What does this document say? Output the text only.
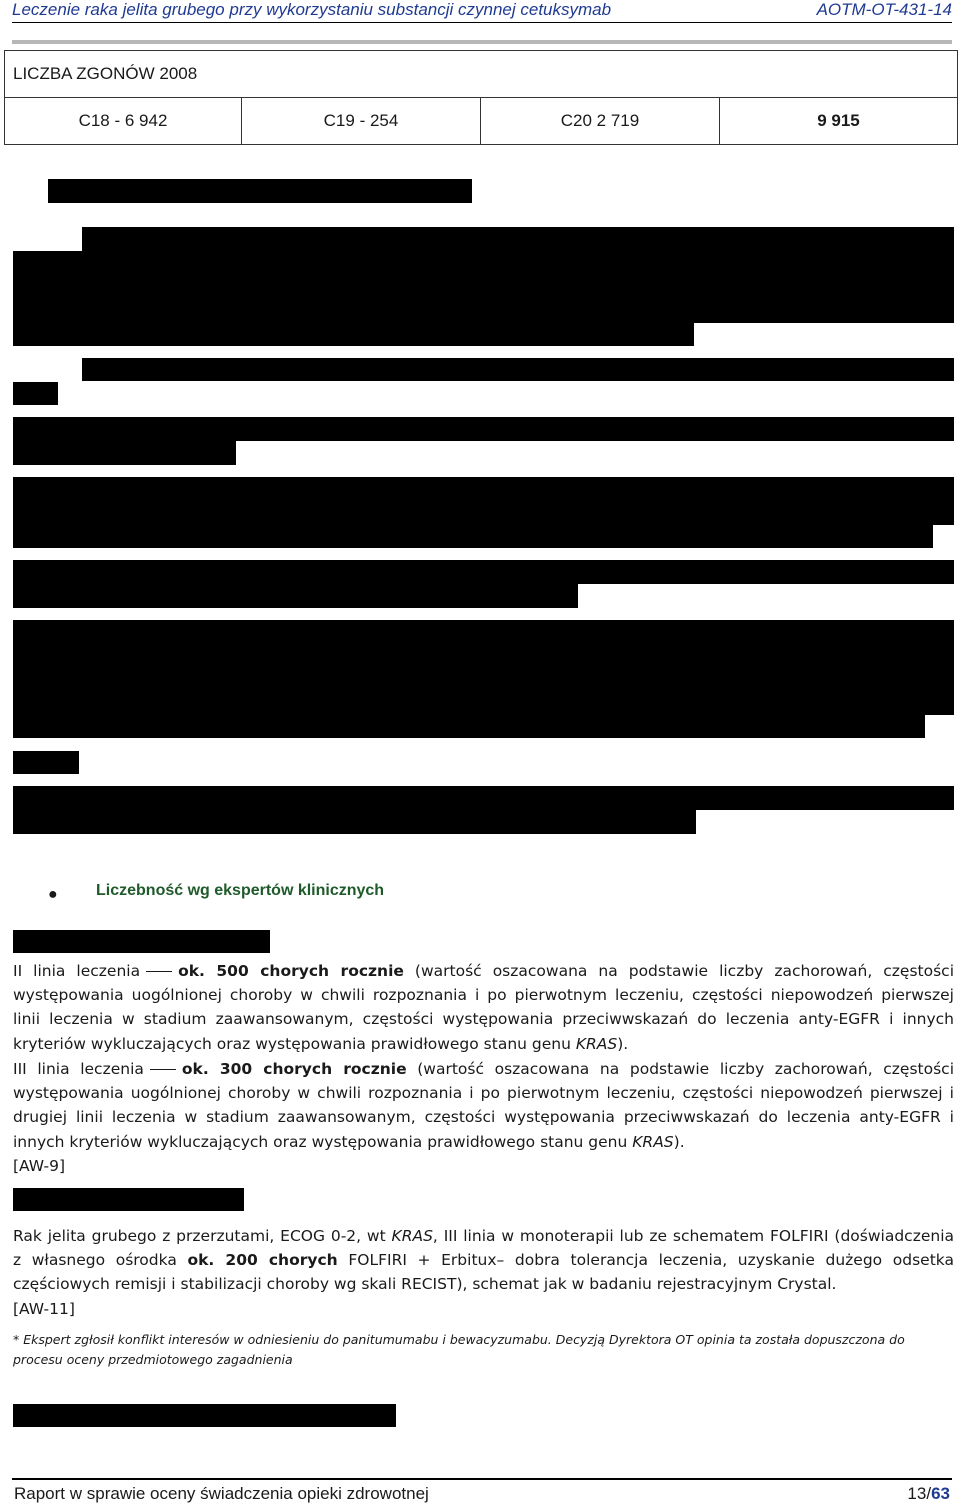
Leczenie raka jelita grubego przy wykorzystaniu substancji czynnej cetuksymab	AOTM-OT-431-14
LICZBA ZGONÓW 2008
C18 - 6 942	C19 - 254	C20 2 719	9 915
● Liczebność wg ekspertów klinicznych
II linia leczenia ok. 500 chorych rocznie (wartość oszacowana na podstawie liczby zachorowań, częstości
występowania uogólnionej choroby w chwili rozpoznania i po pierwotnym leczeniu, częstości niepowodzeń pierwszej
linii leczenia w stadium zaawansowanym, częstości występowania przeciwwskazań do leczenia anty-EGFR i innych
kryteriów wykluczających oraz występowania prawidłowego stanu genu KRAS).
III linia leczenia ok. 300 chorych rocznie (wartość oszacowana na podstawie liczby zachorowań, częstości
występowania uogólnionej choroby w chwili rozpoznania i po pierwotnym leczeniu, częstości niepowodzeń pierwszej i
drugiej linii leczenia w stadium zaawansowanym, częstości występowania przeciwwskazań do leczenia anty-EGFR i
innych kryteriów wykluczających oraz występowania prawidłowego stanu genu KRAS).
[AW-9]
Rak jelita grubego z przerzutami, ECOG 0-2, wt KRAS, III linia w monoterapii lub ze schematem FOLFIRI (doświadczenia
z własnego ośrodka ok. 200 chorych FOLFIRI + Erbitux– dobra tolerancja leczenia, uzyskanie dużego odsetka
częściowych remisji i stabilizacji choroby wg skali RECIST), schemat jak w badaniu rejestracyjnym Crystal.
[AW-11]
* Ekspert zgłosił konflikt interesów w odniesieniu do panitumumabu i bewacyzumabu. Decyzją Dyrektora OT opinia ta została dopuszczona do
procesu oceny przedmiotowego zagadnienia
Raport w sprawie oceny świadczenia opieki zdrowotnej	13/63
